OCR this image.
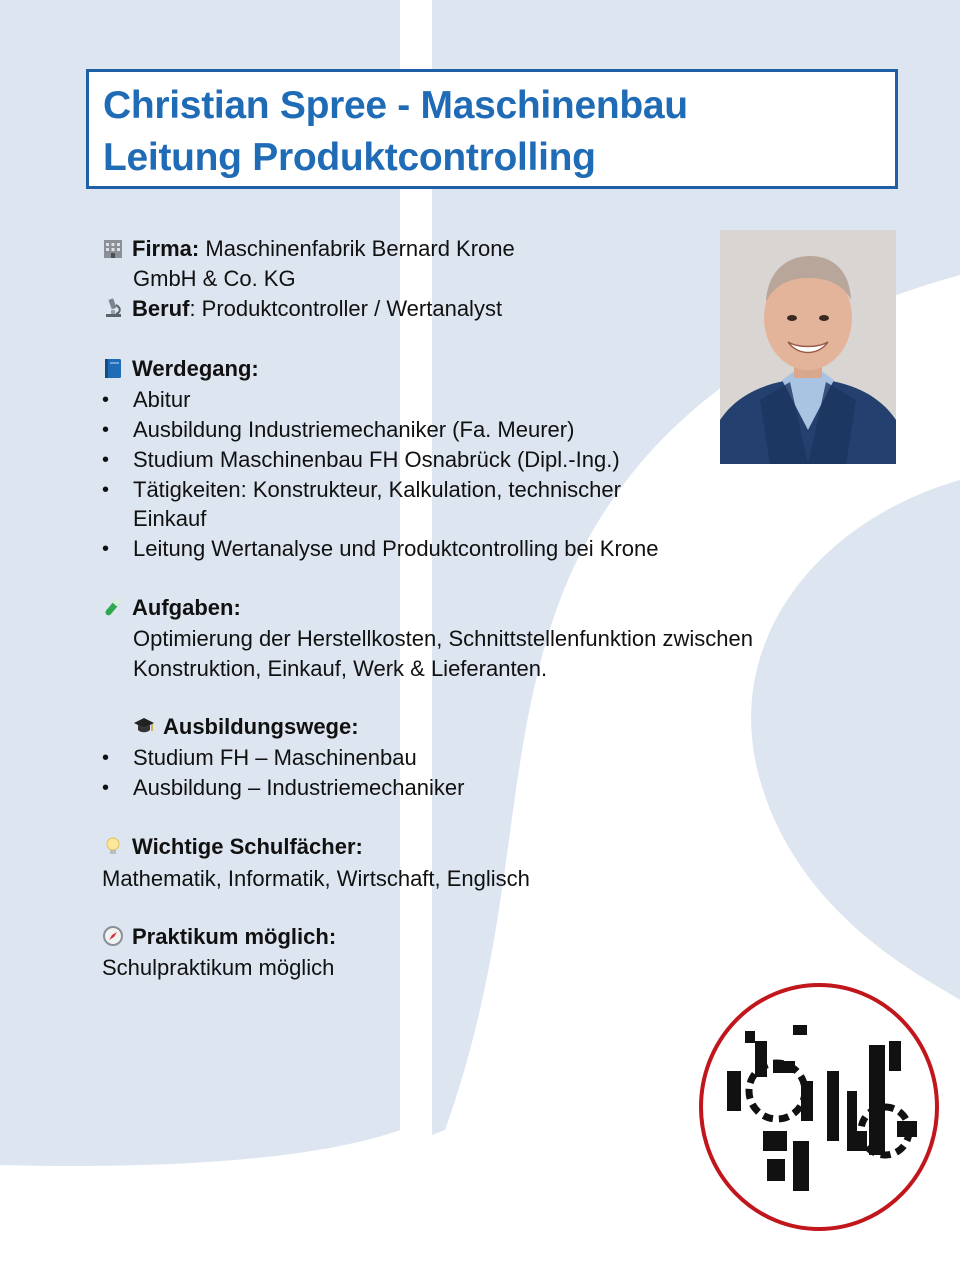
Christian Spree - Maschinenbau
Leitung Produktcontrolling
Firma: Maschinenfabrik Bernard Krone
GmbH & Co. KG
Beruf: Produktcontroller / Wertanalyst
Werdegang:
• Abitur
• Ausbildung Industriemechaniker (Fa. Meurer)
• Studium Maschinenbau FH Osnabrück (Dipl.-Ing.)
• Tätigkeiten: Konstrukteur, Kalkulation, technischer
Einkauf
• Leitung Wertanalyse und Produktcontrolling bei Krone
Aufgaben:
Optimierung der Herstellkosten, Schnittstellenfunktion zwischen
Konstruktion, Einkauf, Werk & Lieferanten.
Ausbildungswege:
• Studium FH – Maschinenbau
• Ausbildung – Industriemechaniker
Wichtige Schulfächer:
Mathematik, Informatik, Wirtschaft, Englisch
Praktikum möglich:
Schulpraktikum möglich
